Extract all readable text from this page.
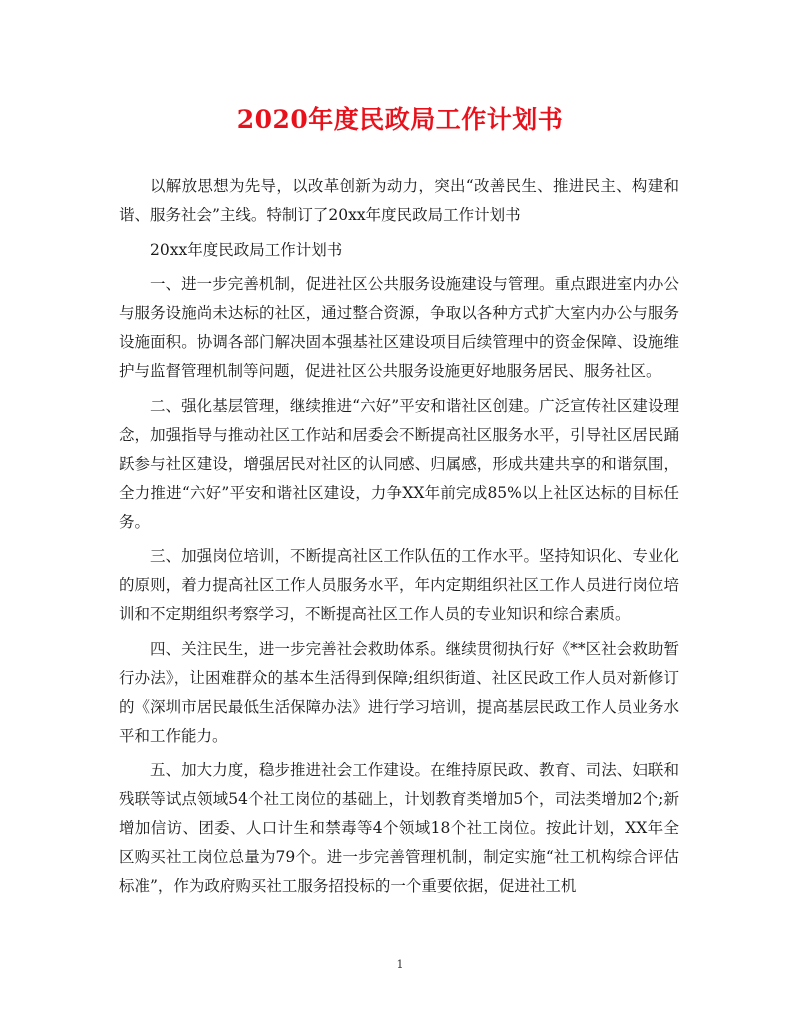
2020年度民政局工作计划书

以解放思想为先导，以改革创新为动力，突出“改善民生、推进民主、构建和谐、服务社会”主线。特制订了20xx年度民政局工作计划书

20xx年度民政局工作计划书

一、进一步完善机制，促进社区公共服务设施建设与管理。重点跟进室内办公与服务设施尚未达标的社区，通过整合资源，争取以各种方式扩大室内办公与服务设施面积。协调各部门解决固本强基社区建设项目后续管理中的资金保障、设施维护与监督管理机制等问题，促进社区公共服务设施更好地服务居民、服务社区。

二、强化基层管理，继续推进“六好”平安和谐社区创建。广泛宣传社区建设理念，加强指导与推动社区工作站和居委会不断提高社区服务水平，引导社区居民踊跃参与社区建设，增强居民对社区的认同感、归属感，形成共建共享的和谐氛围，全力推进“六好”平安和谐社区建设，力争XX年前完成85%以上社区达标的目标任务。

三、加强岗位培训，不断提高社区工作队伍的工作水平。坚持知识化、专业化的原则，着力提高社区工作人员服务水平，年内定期组织社区工作人员进行岗位培训和不定期组织考察学习，不断提高社区工作人员的专业知识和综合素质。

四、关注民生，进一步完善社会救助体系。继续贯彻执行好《**区社会救助暂行办法》，让困难群众的基本生活得到保障;组织街道、社区民政工作人员对新修订的《深圳市居民最低生活保障办法》进行学习培训，提高基层民政工作人员业务水平和工作能力。

五、加大力度，稳步推进社会工作建设。在维持原民政、教育、司法、妇联和残联等试点领域54个社工岗位的基础上，计划教育类增加5个，司法类增加2个;新增加信访、团委、人口计生和禁毒等4个领域18个社工岗位。按此计划，XX年全区购买社工岗位总量为79个。进一步完善管理机制，制定实施“社工机构综合评估标准”，作为政府购买社工服务招投标的一个重要依据，促进社工机

1
